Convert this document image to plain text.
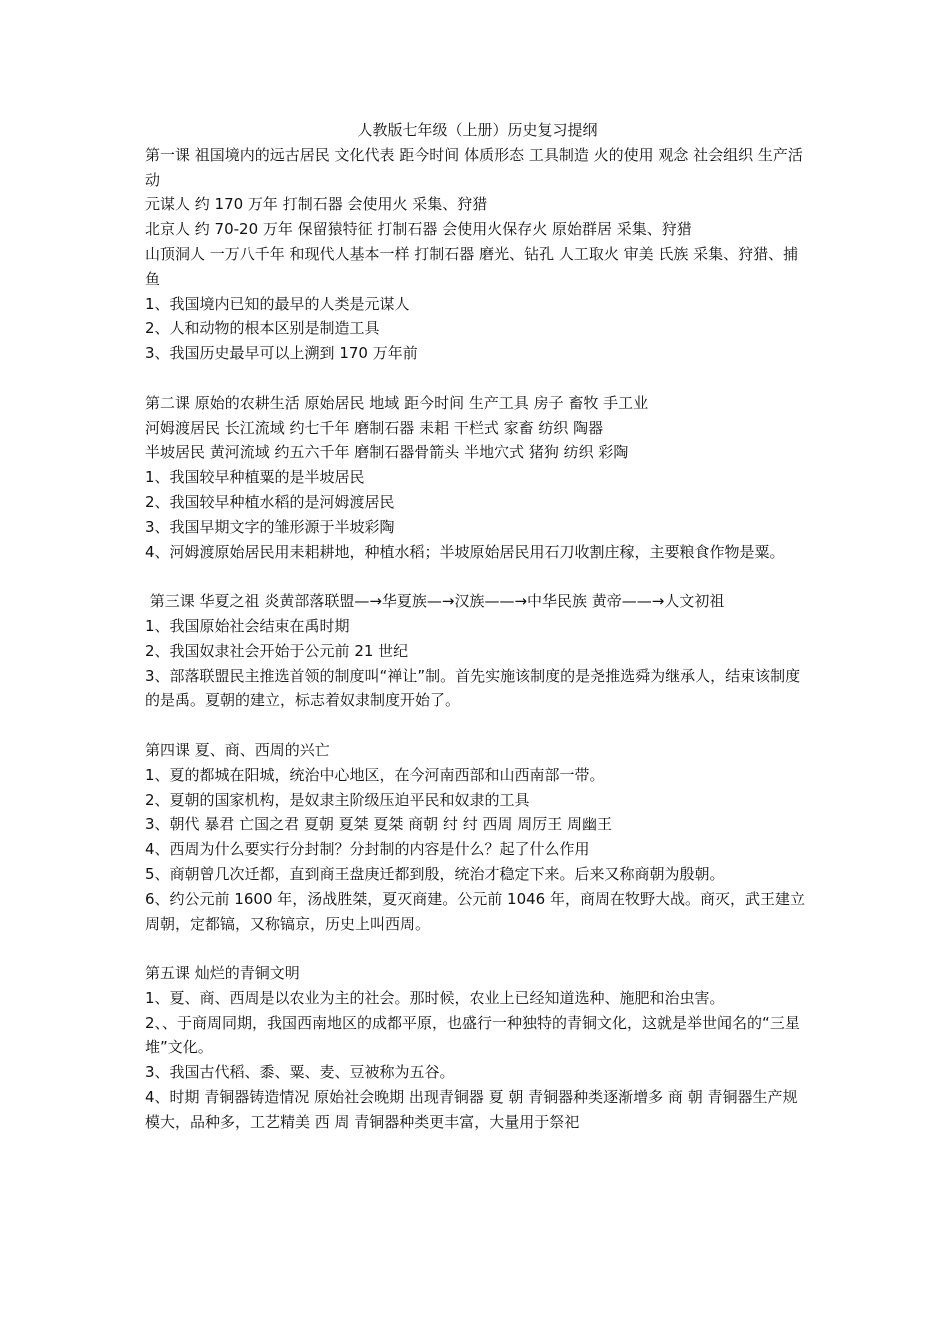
人教版七年级（上册）历史复习提纲

第一课 祖国境内的远古居民 文化代表 距今时间 体质形态 工具制造 火的使用 观念 社会组织 生产活动

元谋人 约 170 万年 打制石器 会使用火 采集、狩猎

北京人 约 70-20 万年 保留猿特征 打制石器 会使用火保存火 原始群居 采集、狩猎

山顶洞人 一万八千年 和现代人基本一样 打制石器 磨光、钻孔 人工取火 审美 氏族 采集、狩猎、捕鱼

1、我国境内已知的最早的人类是元谋人

2、人和动物的根本区别是制造工具

3、我国历史最早可以上溯到 170 万年前

第二课 原始的农耕生活 原始居民 地域 距今时间 生产工具 房子 畜牧 手工业

河姆渡居民 长江流域 约七千年 磨制石器 耒耜 干栏式 家畜 纺织 陶器

半坡居民 黄河流域 约五六千年 磨制石器骨箭头 半地穴式 猪狗 纺织 彩陶

1、我国较早种植粟的是半坡居民

2、我国较早种植水稻的是河姆渡居民

3、我国早期文字的雏形源于半坡彩陶

4、河姆渡原始居民用耒耜耕地，种植水稻；半坡原始居民用石刀收割庄稼，主要粮食作物是粟。

第三课 华夏之祖 炎黄部落联盟—→华夏族—→汉族——→中华民族 黄帝——→人文初祖

1、我国原始社会结束在禹时期

2、我国奴隶社会开始于公元前 21 世纪

3、部落联盟民主推选首领的制度叫“禅让”制。首先实施该制度的是尧推选舜为继承人，结束该制度的是禹。夏朝的建立，标志着奴隶制度开始了。

第四课 夏、商、西周的兴亡

1、夏的都城在阳城，统治中心地区，在今河南西部和山西南部一带。

2、夏朝的国家机构，是奴隶主阶级压迫平民和奴隶的工具

3、朝代 暴君 亡国之君 夏朝 夏桀 夏桀 商朝 纣 纣 西周 周厉王 周幽王

4、西周为什么要实行分封制？分封制的内容是什么？起了什么作用

5、商朝曾几次迁都，直到商王盘庚迁都到殷，统治才稳定下来。后来又称商朝为殷朝。

6、约公元前 1600 年，汤战胜桀，夏灭商建。公元前 1046 年，商周在牧野大战。商灭，武王建立周朝，定都镐，又称镐京，历史上叫西周。

第五课 灿烂的青铜文明

1、夏、商、西周是以农业为主的社会。那时候，农业上已经知道选种、施肥和治虫害。

2、、于商周同期，我国西南地区的成都平原，也盛行一种独特的青铜文化，这就是举世闻名的“三星堆”文化。

3、我国古代稻、黍、粟、麦、豆被称为五谷。

4、时期 青铜器铸造情况 原始社会晚期 出现青铜器 夏 朝 青铜器种类逐渐增多 商 朝 青铜器生产规模大，品种多，工艺精美 西 周 青铜器种类更丰富，大量用于祭祀
